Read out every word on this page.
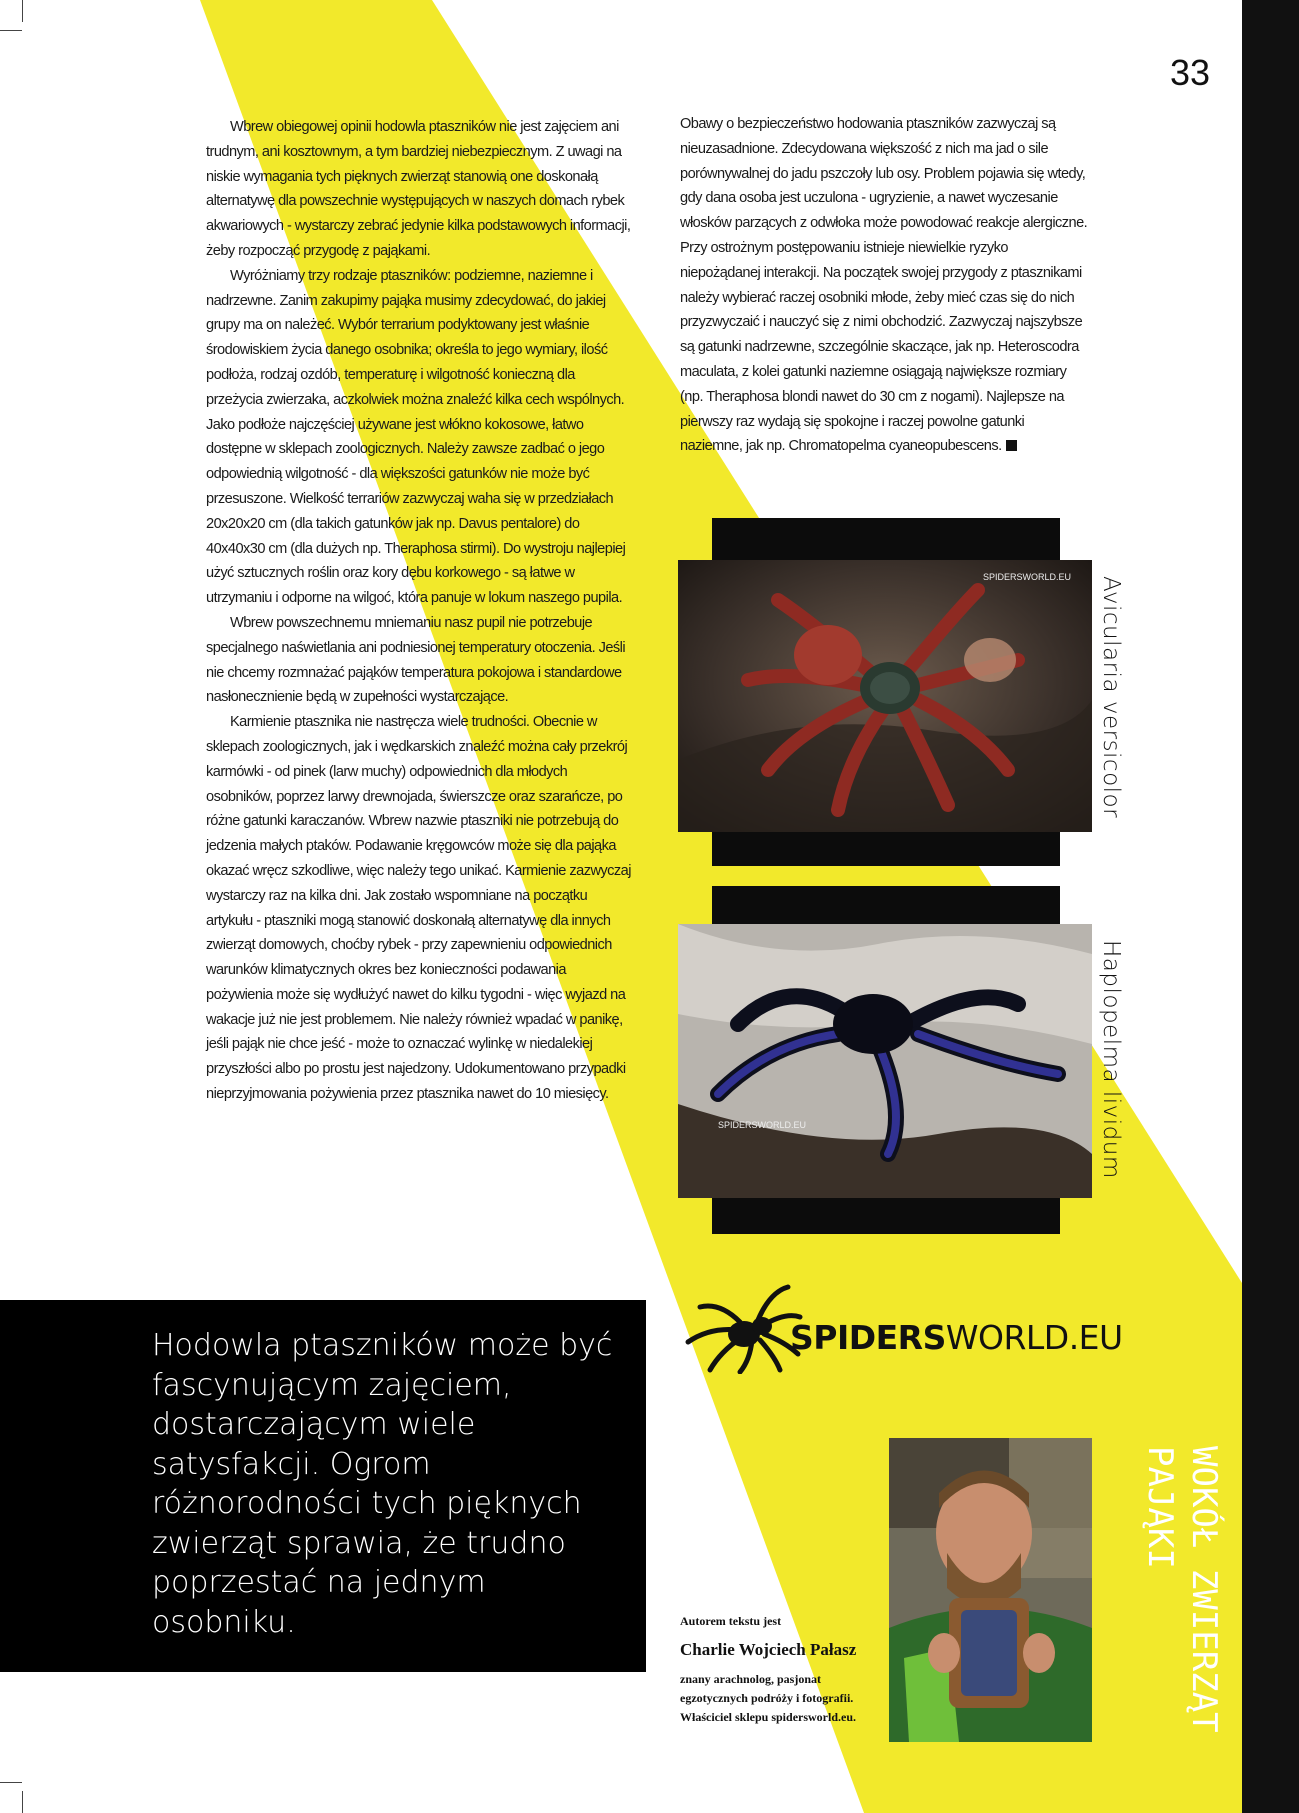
33

Wbrew obiegowej opinii hodowla ptaszników nie jest zajęciem ani trudnym, ani kosztownym, a tym bardziej niebezpiecznym. Z uwagi na niskie wymagania tych pięknych zwierząt stanowią one doskonałą alternatywę dla powszechnie występujących w naszych domach rybek akwariowych - wystarczy zebrać jedynie kilka podstawowych informacji, żeby rozpocząć przygodę z pająkami.

Wyróżniamy trzy rodzaje ptaszników: podziemne, naziemne i nadrzewne. Zanim zakupimy pająka musimy zdecydować, do jakiej grupy ma on należeć. Wybór terrarium podyktowany jest właśnie środowiskiem życia danego osobnika; określa to jego wymiary, ilość podłoża, rodzaj ozdób, temperaturę i wilgotność konieczną dla przeżycia zwierzaka, aczkolwiek można znaleźć kilka cech wspólnych. Jako podłoże najczęściej używane jest włókno kokosowe, łatwo dostępne w sklepach zoologicznych. Należy zawsze zadbać o jego odpowiednią wilgotność - dla większości gatunków nie może być przesuszone. Wielkość terrariów zazwyczaj waha się w przedziałach 20x20x20 cm (dla takich gatunków jak np. Davus pentalore) do 40x40x30 cm (dla dużych np. Theraphosa stirmi). Do wystroju najlepiej użyć sztucznych roślin oraz kory dębu korkowego - są łatwe w utrzymaniu i odporne na wilgoć, która panuje w lokum naszego pupila.

Wbrew powszechnemu mniemaniu nasz pupil nie potrzebuje specjalnego naświetlania ani podniesionej temperatury otoczenia. Jeśli nie chcemy rozmnażać pająków temperatura pokojowa i standardowe nasłonecznienie będą w zupełności wystarczające.

Karmienie ptasznika nie nastręcza wiele trudności. Obecnie w sklepach zoologicznych, jak i wędkarskich znaleźć można cały przekrój karmówki - od pinek (larw muchy) odpowiednich dla młodych osobników, poprzez larwy drewnojada, świerszcze oraz szarańcze, po różne gatunki karaczanów. Wbrew nazwie ptaszniki nie potrzebują do jedzenia małych ptaków. Podawanie kręgowców może się dla pająka okazać wręcz szkodliwe, więc należy tego unikać. Karmienie zazwyczaj wystarczy raz na kilka dni. Jak zostało wspomniane na początku artykułu - ptaszniki mogą stanowić doskonałą alternatywę dla innych zwierząt domowych, choćby rybek - przy zapewnieniu odpowiednich warunków klimatycznych okres bez konieczności podawania pożywienia może się wydłużyć nawet do kilku tygodni - więc wyjazd na wakacje już nie jest problemem. Nie należy również wpadać w panikę, jeśli pająk nie chce jeść - może to oznaczać wylinkę w niedalekiej przyszłości albo po prostu jest najedzony. Udokumentowano przypadki nieprzyjmowania pożywienia przez ptasznika nawet do 10 miesięcy.

Obawy o bezpieczeństwo hodowania ptaszników zazwyczaj są nieuzasadnione. Zdecydowana większość z nich ma jad o sile porównywalnej do jadu pszczoły lub osy. Problem pojawia się wtedy, gdy dana osoba jest uczulona - ugryzienie, a nawet wyczesanie włosków parzących z odwłoka może powodować reakcje alergiczne. Przy ostrożnym postępowaniu istnieje niewielkie ryzyko niepożądanej interakcji. Na początek swojej przygody z ptasznikami należy wybierać raczej osobniki młode, żeby mieć czas się do nich przyzwyczaić i nauczyć się z nimi obchodzić. Zazwyczaj najszybsze są gatunki nadrzewne, szczególnie skaczące, jak np. Heteroscodra maculata, z kolei gatunki naziemne osiągają największe rozmiary (np. Theraphosa blondi nawet do 30 cm z nogami). Najlepsze na pierwszy raz wydają się spokojne i raczej powolne gatunki naziemne, jak np. Chromatopelma cyaneopubescens.

SPIDERSWORLD.EU Avicularia versicolor
SPIDERSWORLD.EU	Haplopelma lividum
Hodowla ptaszników może być fascynującym zajęciem, dostarczającym wiele satysfakcji. Ogrom różnorodności tych pięknych zwierząt sprawia, że trudno poprzestać na jednym osobniku.
SPIDERSWORLD.EU
Autorem tekstu jest
Charlie Wojciech Pałasz
znany arachnolog, pasjonat egzotycznych podróży i fotografii. Właściciel sklepu spidersworld.eu.	WOKÓŁ ZWIERZĄT
PAJĄKI
